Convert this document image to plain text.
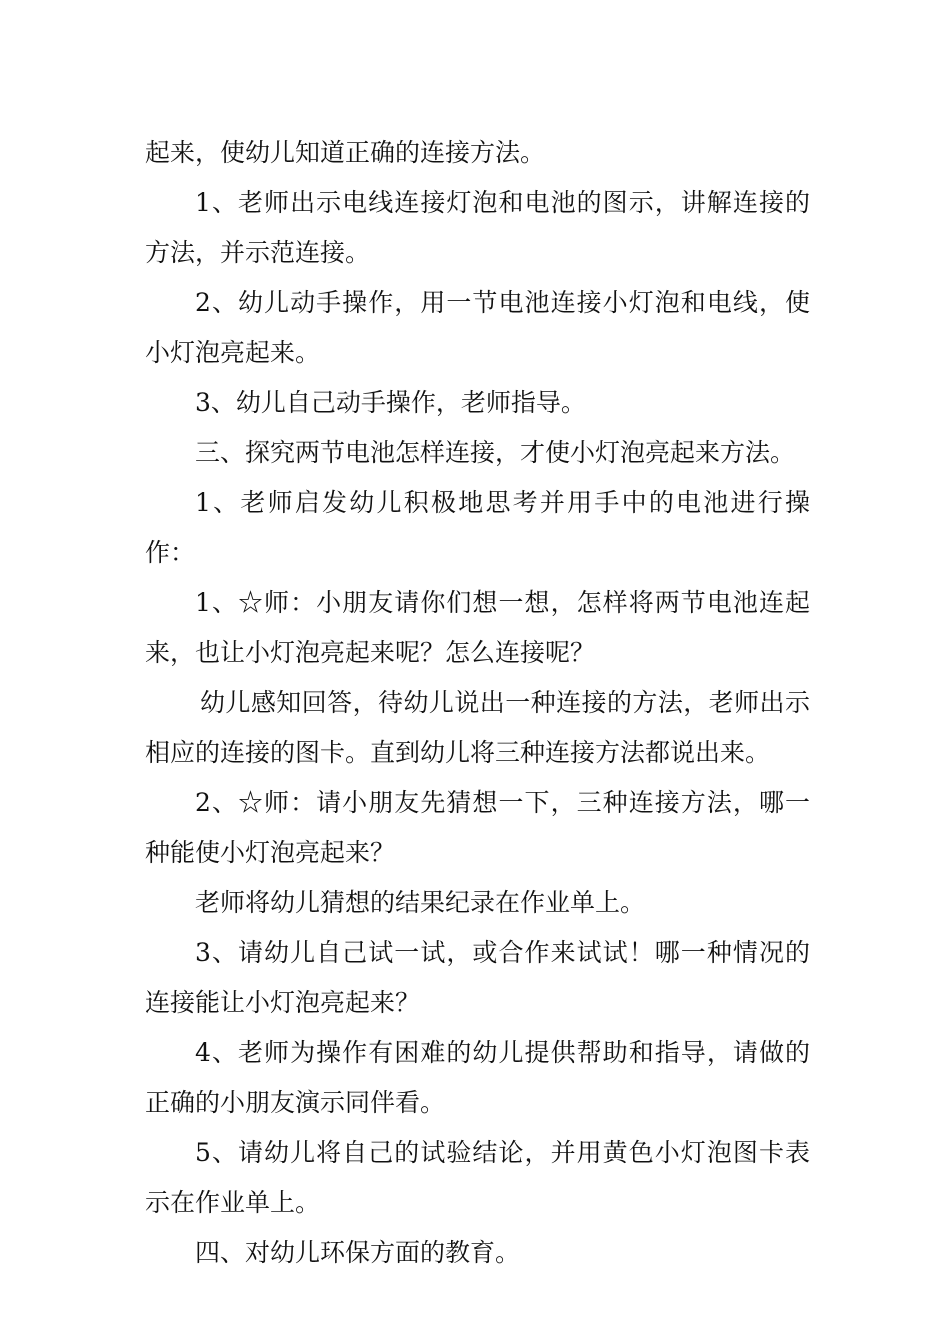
起来，使幼儿知道正确的连接方法。

1、老师出示电线连接灯泡和电池的图示，讲解连接的方法，并示范连接。

2、幼儿动手操作，用一节电池连接小灯泡和电线，使小灯泡亮起来。

3、幼儿自己动手操作，老师指导。

三、探究两节电池怎样连接，才使小灯泡亮起来方法。

1、老师启发幼儿积极地思考并用手中的电池进行操作：

1、☆师：小朋友请你们想一想，怎样将两节电池连起来，也让小灯泡亮起来呢？怎么连接呢？

幼儿感知回答，待幼儿说出一种连接的方法，老师出示相应的连接的图卡。直到幼儿将三种连接方法都说出来。

2、☆师：请小朋友先猜想一下，三种连接方法，哪一种能使小灯泡亮起来？

老师将幼儿猜想的结果纪录在作业单上。

3、请幼儿自己试一试，或合作来试试！哪一种情况的连接能让小灯泡亮起来？

4、老师为操作有困难的幼儿提供帮助和指导，请做的正确的小朋友演示同伴看。

5、请幼儿将自己的试验结论，并用黄色小灯泡图卡表示在作业单上。

四、对幼儿环保方面的教育。
